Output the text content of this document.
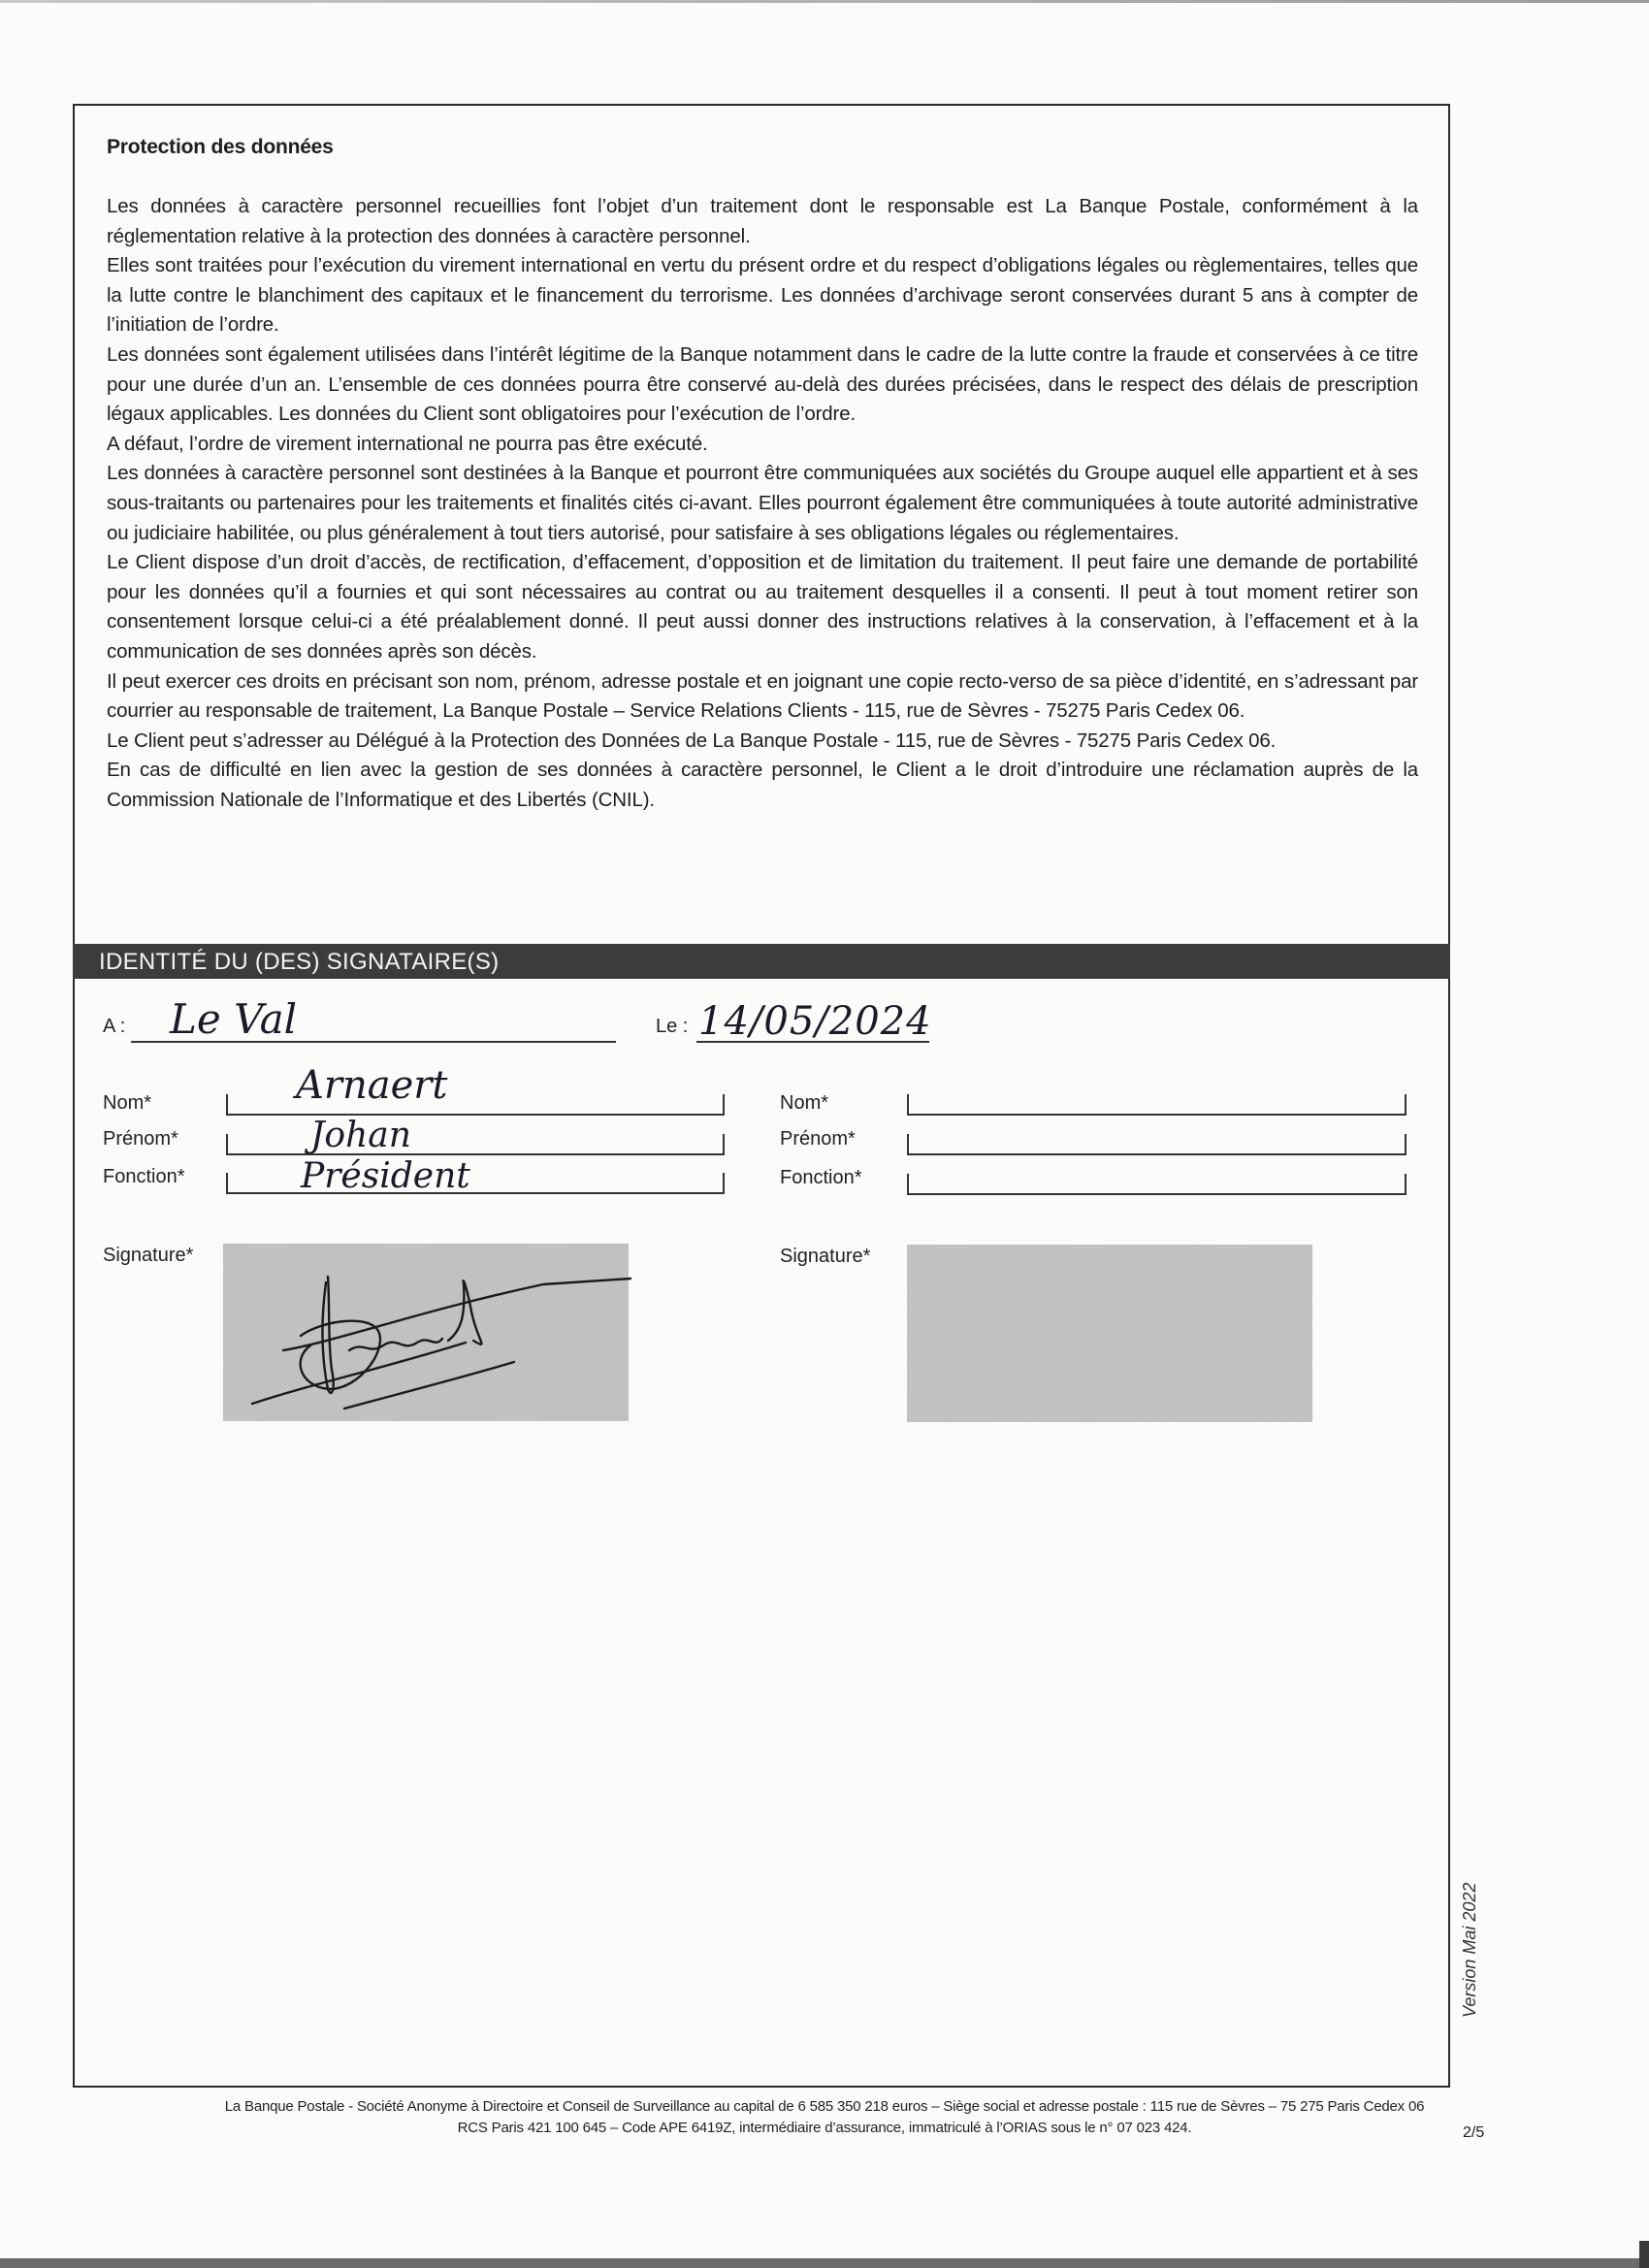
Protection des données

Les données à caractère personnel recueillies font l’objet d’un traitement dont le responsable est La Banque Postale, conformément à la réglementation relative à la protection des données à caractère personnel.

Elles sont traitées pour l’exécution du virement international en vertu du présent ordre et du respect d’obligations légales ou règlementaires, telles que la lutte contre le blanchiment des capitaux et le financement du terrorisme. Les données d’archivage seront conservées durant 5 ans à compter de l’initiation de l’ordre.

Les données sont également utilisées dans l’intérêt légitime de la Banque notamment dans le cadre de la lutte contre la fraude et conservées à ce titre pour une durée d’un an. L’ensemble de ces données pourra être conservé au-delà des durées précisées, dans le respect des délais de prescription légaux applicables. Les données du Client sont obligatoires pour l’exécution de l’ordre.

A défaut, l’ordre de virement international ne pourra pas être exécuté.

Les données à caractère personnel sont destinées à la Banque et pourront être communiquées aux sociétés du Groupe auquel elle appartient et à ses sous-traitants ou partenaires pour les traitements et finalités cités ci-avant. Elles pourront également être communiquées à toute autorité administrative ou judiciaire habilitée, ou plus généralement à tout tiers autorisé, pour satisfaire à ses obligations légales ou réglementaires.

Le Client dispose d’un droit d’accès, de rectification, d’effacement, d’opposition et de limitation du traitement. Il peut faire une demande de portabilité pour les données qu’il a fournies et qui sont nécessaires au contrat ou au traitement desquelles il a consenti. Il peut à tout moment retirer son consentement lorsque celui-ci a été préalablement donné. Il peut aussi donner des instructions relatives à la conservation, à l’effacement et à la communication de ses données après son décès.

Il peut exercer ces droits en précisant son nom, prénom, adresse postale et en joignant une copie recto-verso de sa pièce d’identité, en s’adressant par courrier au responsable de traitement, La Banque Postale – Service Relations Clients - 115, rue de Sèvres - 75275 Paris Cedex 06.

Le Client peut s’adresser au Délégué à la Protection des Données de La Banque Postale - 115, rue de Sèvres - 75275 Paris Cedex 06.

En cas de difficulté en lien avec la gestion de ses données à caractère personnel, le Client a le droit d’introduire une réclamation auprès de la Commission Nationale de l’Informatique et des Libertés (CNIL).

IDENTITÉ DU (DES) SIGNATAIRE(S)
A : Le Val	Le : 14/05/2024
Nom*	Arnaert
Prénom*	Johan
Fonction*	Président
Signature*
Nom*
Prénom*
Fonction*
Signature*
Version Mai 2022
La Banque Postale - Société Anonyme à Directoire et Conseil de Surveillance au capital de 6 585 350 218 euros – Siège social et adresse postale : 115 rue de Sèvres – 75 275 Paris Cedex 06
RCS Paris 421 100 645 – Code APE 6419Z, intermédiaire d’assurance, immatriculé à l’ORIAS sous le n° 07 023 424.	2/5
